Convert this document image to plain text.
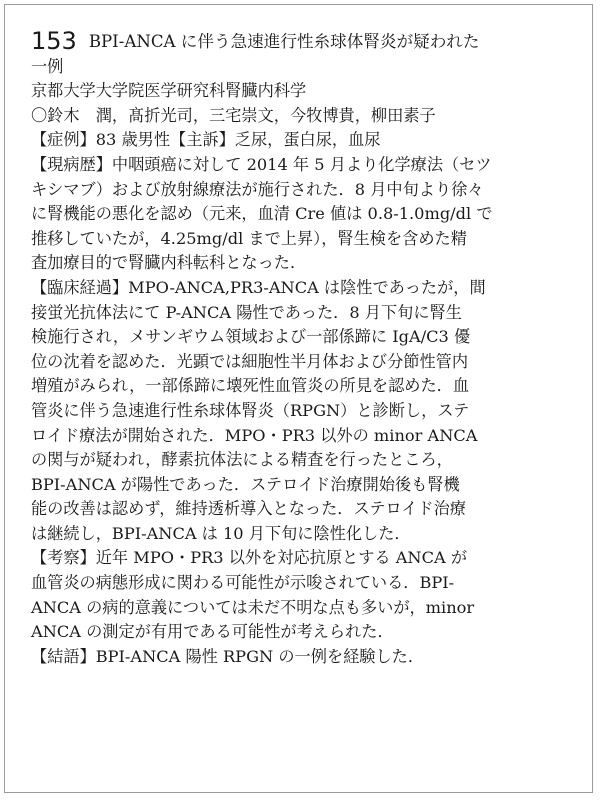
153 BPI-ANCA に伴う急速進行性糸球体腎炎が疑われた
一例
京都大学大学院医学研究科腎臓内科学
〇鈴木　潤，髙折光司，三宅崇文，今牧博貴，柳田素子
【症例】83 歳男性【主訴】乏尿，蛋白尿，血尿
【現病歴】中咽頭癌に対して 2014 年 5 月より化学療法（セツ
キシマブ）および放射線療法が施行された．8 月中旬より徐々
に腎機能の悪化を認め（元来，血清 Cre 値は 0.8-1.0mg/dl で
推移していたが，4.25mg/dl まで上昇），腎生検を含めた精
査加療目的で腎臓内科転科となった．
【臨床経過】MPO-ANCA,PR3-ANCA は陰性であったが，間
接蛍光抗体法にて P-ANCA 陽性であった．8 月下旬に腎生
検施行され，メサンギウム領域および一部係蹄に IgA/C3 優
位の沈着を認めた．光顕では細胞性半月体および分節性管内
増殖がみられ，一部係蹄に壊死性血管炎の所見を認めた．血
管炎に伴う急速進行性糸球体腎炎（RPGN）と診断し，ステ
ロイド療法が開始された．MPO・PR3 以外の minor ANCA
の関与が疑われ，酵素抗体法による精査を行ったところ，
BPI-ANCA が陽性であった．ステロイド治療開始後も腎機
能の改善は認めず，維持透析導入となった．ステロイド治療
は継続し，BPI-ANCA は 10 月下旬に陰性化した．
【考察】近年 MPO・PR3 以外を対応抗原とする ANCA が
血管炎の病態形成に関わる可能性が示唆されている．BPI-
ANCA の病的意義については未だ不明な点も多いが，minor
ANCA の測定が有用である可能性が考えられた．
【結語】BPI-ANCA 陽性 RPGN の一例を経験した．
